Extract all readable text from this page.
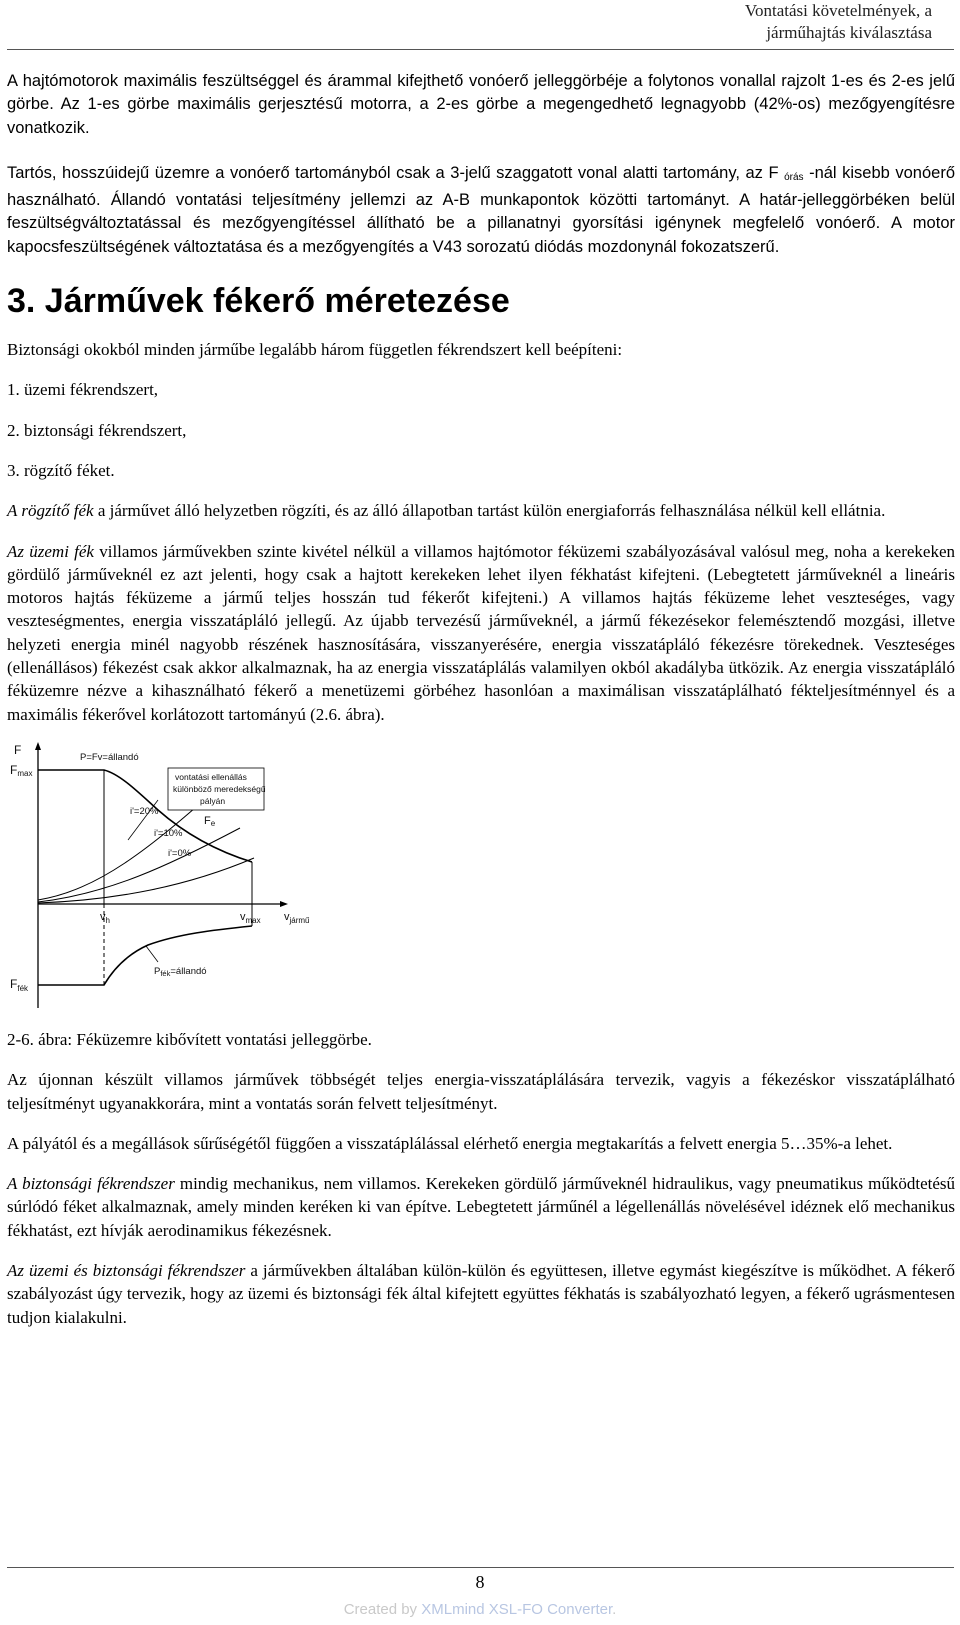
Vontatási követelmények, a
járműhajtás kiválasztása

A hajtómotorok maximális feszültséggel és árammal kifejthető vonóerő jelleggörbéje a folytonos vonallal rajzolt 1-es és 2-es jelű görbe. Az 1-es görbe maximális gerjesztésű motorra, a 2-es görbe a megengedhető legnagyobb (42%-os) mezőgyengítésre vonatkozik.

Tartós, hosszúidejű üzemre a vonóerő tartományból csak a 3-jelű szaggatott vonal alatti tartomány, az F $_{órás}$ -nál kisebb vonóerő használható. Állandó vontatási teljesítmény jellemzi az A-B munkapontok közötti tartományt. A határ-jelleggörbéken belül feszültségváltoztatással és mezőgyengítéssel állítható be a pillanatnyi gyorsítási igénynek megfelelő vonóerő. A motor kapocsfeszültségének változtatása és a mezőgyengítés a V43 sorozatú diódás mozdonynál fokozatszerű.

3. Járművek fékerő méretezése

Biztonsági okokból minden járműbe legalább három független fékrendszert kell beépíteni:

1. üzemi fékrendszert,

2. biztonsági fékrendszert,

3. rögzítő féket.

A rögzítő fék a járművet álló helyzetben rögzíti, és az álló állapotban tartást külön energiaforrás felhasználása nélkül kell ellátnia.

Az üzemi fék villamos járművekben szinte kivétel nélkül a villamos hajtómotor féküzemi szabályozásával valósul meg, noha a kerekeken gördülő járműveknél ez azt jelenti, hogy csak a hajtott kerekeken lehet ilyen fékhatást kifejteni. (Lebegtetett járműveknél a lineáris motoros hajtás féküzeme a jármű teljes hosszán tud fékerőt kifejteni.) A villamos hajtás féküzeme lehet veszteséges, vagy veszteségmentes, energia visszatápláló jellegű. Az újabb tervezésű járműveknél, a jármű fékezésekor felemésztendő mozgási, illetve helyzeti energia minél nagyobb részének hasznosítására, visszanyerésére, energia visszatápláló fékezésre törekednek. Veszteséges (ellenállásos) fékezést csak akkor alkalmaznak, ha az energia visszatáplálás valamilyen okból akadályba ütközik. Az energia visszatápláló féküzemre nézve a kihasználható fékerő a menetüzemi görbéhez hasonlóan a maximálisan visszatáplálható fékteljesítménnyel és a maximális fékerővel korlátozott tartományú (2.6. ábra).

F
Fmax
P=Fv=állandó
vontatási ellenállás
különböző meredekségű
pályán
i'=20%
i'=10%
i'=0%
Fe
$v_h$	$v_{max}$ $v_{jármű}$
$F_{fék}$
$P_{fék}=állandó$

2-6. ábra: Féküzemre kibővített vontatási jelleggörbe.

Az újonnan készült villamos járművek többségét teljes energia-visszatáplálására tervezik, vagyis a fékezéskor visszatáplálható teljesítményt ugyanakkorára, mint a vontatás során felvett teljesítményt.

A pályától és a megállások sűrűségétől függően a visszatáplálással elérhető energia megtakarítás a felvett energia 5…35%-a lehet.

A biztonsági fékrendszer mindig mechanikus, nem villamos. Kerekeken gördülő járműveknél hidraulikus, vagy pneumatikus működtetésű súrlódó féket alkalmaznak, amely minden keréken ki van építve. Lebegtetett járműnél a légellenállás növelésével idéznek elő mechanikus fékhatást, ezt hívják aerodinamikus fékezésnek.

Az üzemi és biztonsági fékrendszer a járművekben általában külön-külön és együttesen, illetve egymást kiegészítve is működhet. A fékerő szabályozást úgy tervezik, hogy az üzemi és biztonsági fék által kifejtett együttes fékhatás is szabályozható legyen, a fékerő ugrásmentesen tudjon kialakulni.

8
Created by XMLmind XSL-FO Converter.
